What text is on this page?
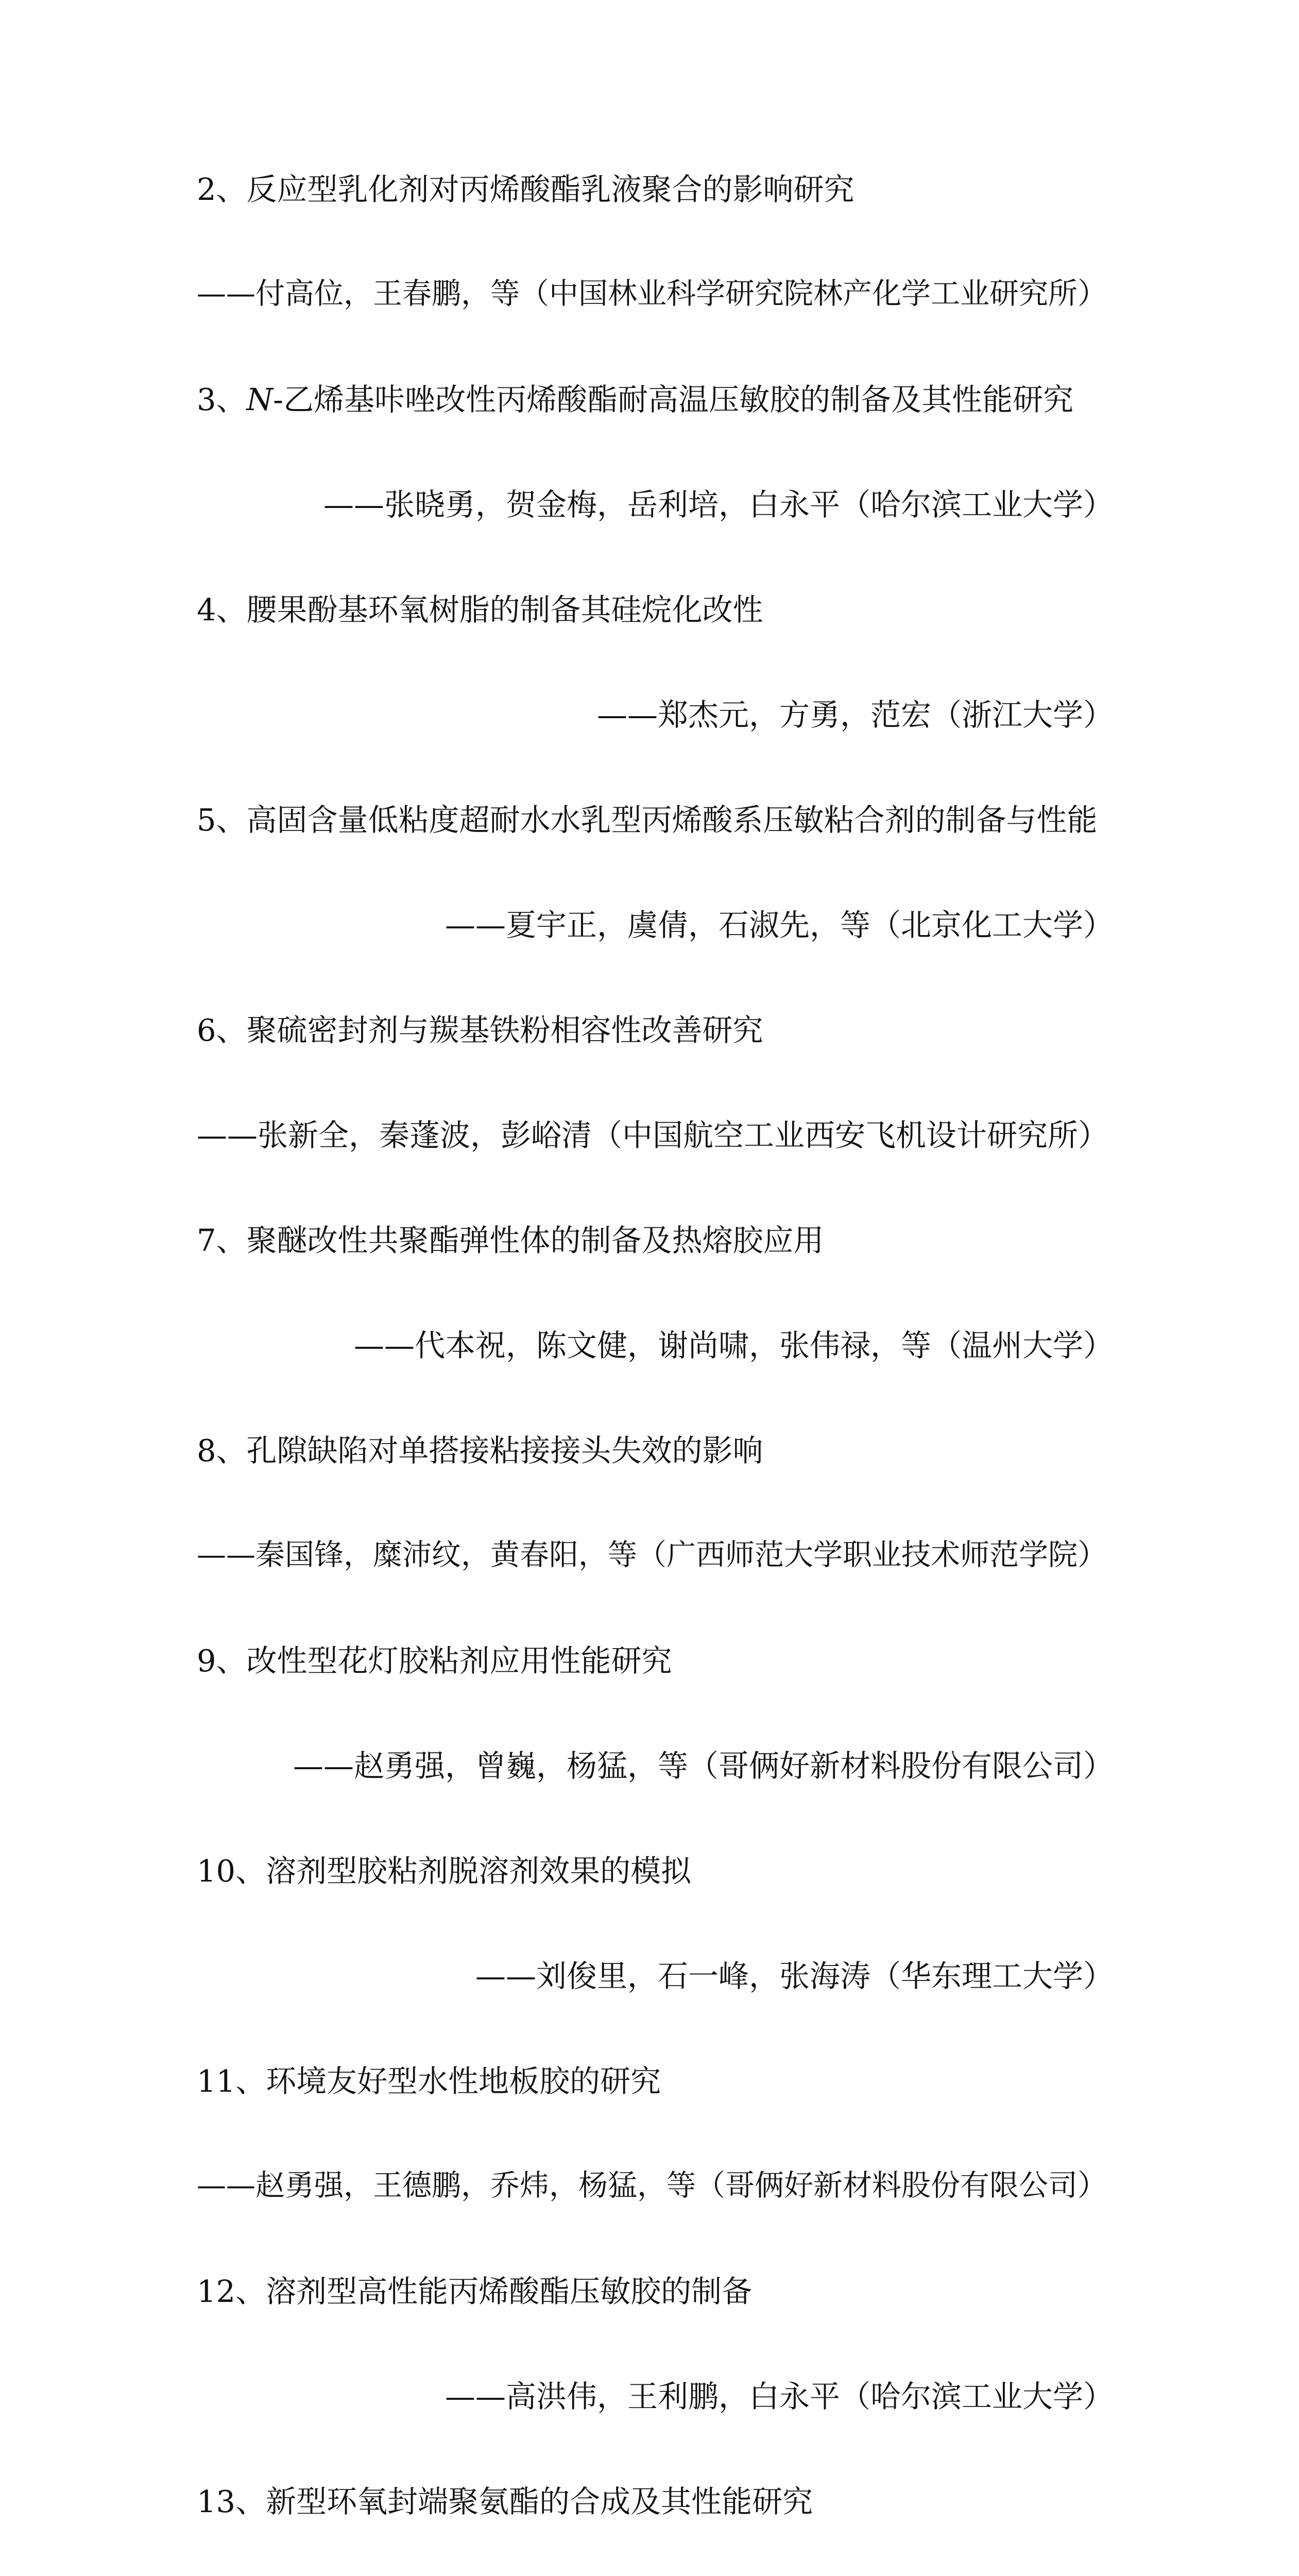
2、反应型乳化剂对丙烯酸酯乳液聚合的影响研究
——付高位，王春鹏，等（中国林业科学研究院林产化学工业研究所）
3、N-乙烯基咔唑改性丙烯酸酯耐高温压敏胶的制备及其性能研究
——张晓勇，贺金梅，岳利培，白永平（哈尔滨工业大学）
4、腰果酚基环氧树脂的制备其硅烷化改性
——郑杰元，方勇，范宏（浙江大学）
5、高固含量低粘度超耐水水乳型丙烯酸系压敏粘合剂的制备与性能
——夏宇正，虞倩，石淑先，等（北京化工大学）
6、聚硫密封剂与羰基铁粉相容性改善研究
——张新全，秦蓬波，彭峪清（中国航空工业西安飞机设计研究所）
7、聚醚改性共聚酯弹性体的制备及热熔胶应用
——代本祝，陈文健，谢尚啸，张伟禄，等（温州大学）
8、孔隙缺陷对单搭接粘接接头失效的影响
——秦国锋，糜沛纹，黄春阳，等（广西师范大学职业技术师范学院）
9、改性型花灯胶粘剂应用性能研究
——赵勇强，曾巍，杨猛，等（哥俩好新材料股份有限公司）
10、溶剂型胶粘剂脱溶剂效果的模拟
——刘俊里，石一峰，张海涛（华东理工大学）
11、环境友好型水性地板胶的研究
——赵勇强，王德鹏，乔炜，杨猛，等（哥俩好新材料股份有限公司）
12、溶剂型高性能丙烯酸酯压敏胶的制备
——高洪伟，王利鹏，白永平（哈尔滨工业大学）
13、新型环氧封端聚氨酯的合成及其性能研究
